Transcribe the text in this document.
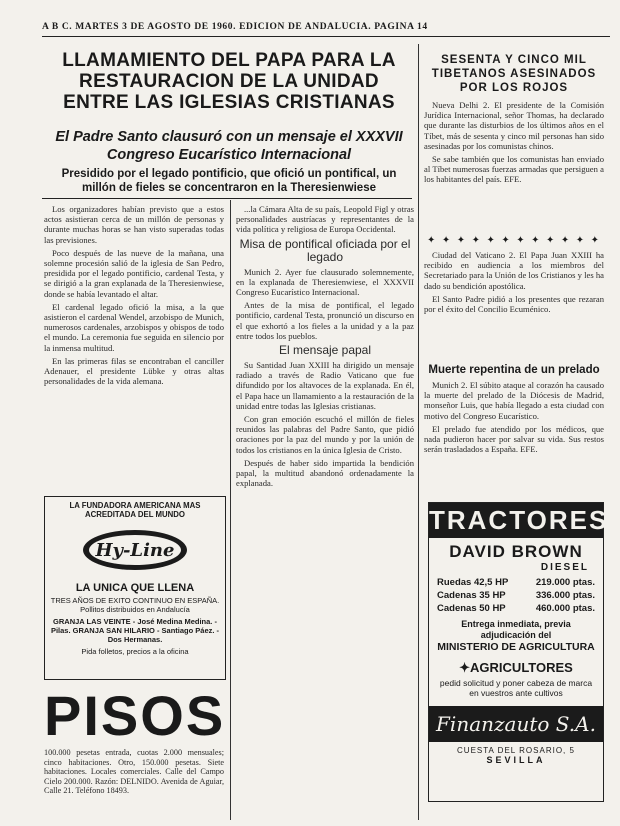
A B C. MARTES 3 DE AGOSTO DE 1960. EDICION DE ANDALUCIA. PAGINA 14
LLAMAMIENTO DEL PAPA PARA LA RESTAURACION DE LA UNIDAD ENTRE LAS IGLESIAS CRISTIANAS
El Padre Santo clausuró con un mensaje el XXXVII Congreso Eucarístico Internacional
Presidido por el legado pontificio, que ofició un pontifical, un millón de fieles se concentraron en la Theresienwiese

Los organizadores habían previsto que a estos actos asistieran cerca de un millón de personas y durante muchas horas se han visto superadas todas las previsiones.

Poco después de las nueve de la mañana, una solemne procesión salió de la iglesia de San Pedro, presidida por el legado pontificio, cardenal Testa, y se dirigió a la gran explanada de la Theresienwiese, donde se había levantado el altar.

El cardenal legado ofició la misa, a la que asistieron el cardenal Wendel, arzobispo de Munich, numerosos cardenales, arzobispos y obispos de todo el mundo. La ceremonia fue seguida en silencio por la inmensa multitud.

En las primeras filas se encontraban el canciller Adenauer, el presidente Lübke y otras altas personalidades de la vida alemana.

...la Cámara Alta de su país, Leopold Figl y otras personalidades austríacas y representantes de la vida política y religiosa de Europa Occidental.

Misa de pontifical oficiada por el legado

Munich 2. Ayer fue clausurado solemnemente, en la explanada de Theresienwiese, el XXXVII Congreso Eucarístico Internacional.

Antes de la misa de pontifical, el legado pontificio, cardenal Testa, pronunció un discurso en el que exhortó a los fieles a la unidad y a la paz entre todos los pueblos.

El mensaje papal

Su Santidad Juan XXIII ha dirigido un mensaje radiado a través de Radio Vaticano que fue difundido por los altavoces de la explanada. En él, el Papa hace un llamamiento a la restauración de la unidad entre todas las Iglesias cristianas.

Con gran emoción escuchó el millón de fieles reunidos las palabras del Padre Santo, que pidió oraciones por la paz del mundo y por la unión de todos los cristianos en la única Iglesia de Cristo.

Después de haber sido impartida la bendición papal, la multitud abandonó ordenadamente la explanada.

SESENTA Y CINCO MIL TIBETANOS ASESINADOS POR LOS ROJOS

Nueva Delhi 2. El presidente de la Comisión Jurídica Internacional, señor Thomas, ha declarado que durante las disturbios de los últimos años en el Tíbet, más de sesenta y cinco mil personas han sido asesinadas por los comunistas chinos.

Se sabe también que los comunistas han enviado al Tíbet numerosas fuerzas armadas que persiguen a los habitantes del país. EFE.

✦ ✦ ✦ ✦ ✦ ✦ ✦ ✦ ✦ ✦ ✦ ✦

Ciudad del Vaticano 2. El Papa Juan XXIII ha recibido en audiencia a los miembros del Secretariado para la Unión de los Cristianos y les ha dado su bendición apostólica.

El Santo Padre pidió a los presentes que rezaran por el éxito del Concilio Ecuménico.

Muerte repentina de un prelado

Munich 2. El súbito ataque al corazón ha causado la muerte del prelado de la Diócesis de Madrid, monseñor Luis, que había llegado a esta ciudad con motivo del Congreso Eucarístico.

El prelado fue atendido por los médicos, que nada pudieron hacer por salvar su vida. Sus restos serán trasladados a España. EFE.

LA FUNDADORA AMERICANA MAS ACREDITADA DEL MUNDO
Hy-Line
LA UNICA QUE LLENA
TRES AÑOS DE EXITO CONTINUO EN ESPAÑA. Pollitos distribuidos en Andalucía
GRANJA LAS VEINTE - José Medina Medina. - Pilas. GRANJA SAN HILARIO - Santiago Páez. - Dos Hermanas.
Pida folletos, precios a la oficina
PISOS

100.000 pesetas entrada, cuotas 2.000 mensuales; cinco habitaciones. Otro, 150.000 pesetas. Siete habitaciones. Locales comerciales. Calle del Campo Cielo 200.000. Razón: DELNIDO. Avenida de Aguiar, Calle 21. Teléfono 18493.

TRACTORES
DAVID BROWN
DIESEL
Ruedas 42,5 HP	219.000 ptas.
Cadenas 35 HP	336.000 ptas.
Cadenas 50 HP	460.000 ptas.
Entrega inmediata, previa adjudicación del
MINISTERIO DE AGRICULTURA
✦AGRICULTORES
pedid solicitud y poner cabeza de marca en vuestros ante cultivos
Finanzauto S.A.
CUESTA DEL ROSARIO, 5
SEVILLA
